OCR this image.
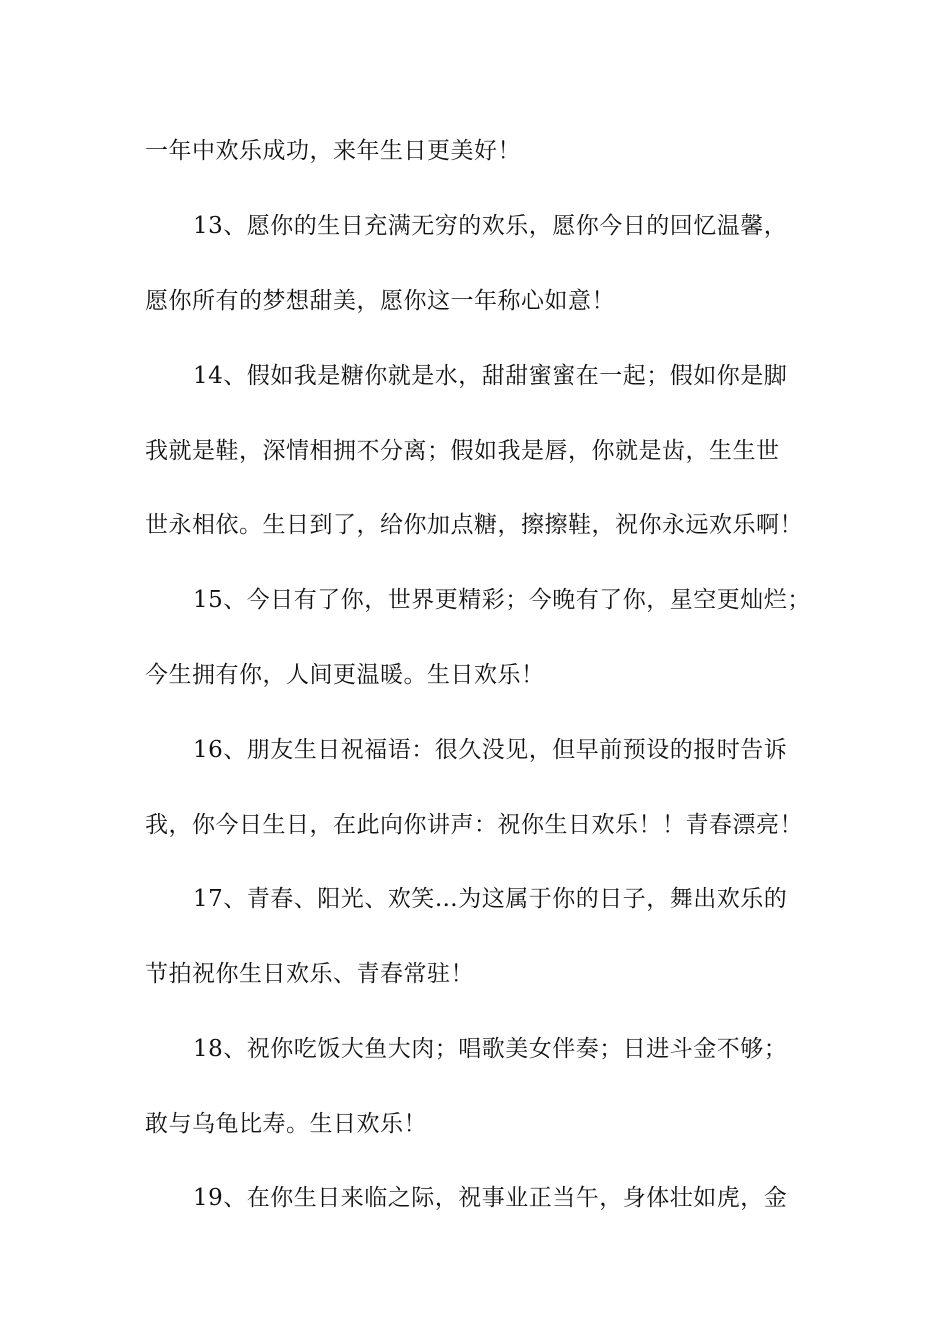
一年中欢乐成功，来年生日更美好！
13、愿你的生日充满无穷的欢乐，愿你今日的回忆温馨，
愿你所有的梦想甜美，愿你这一年称心如意！
14、假如我是糖你就是水，甜甜蜜蜜在一起；假如你是脚
我就是鞋，深情相拥不分离；假如我是唇，你就是齿，生生世
世永相依。生日到了，给你加点糖，擦擦鞋，祝你永远欢乐啊！
15、今日有了你，世界更精彩；今晚有了你，星空更灿烂；
今生拥有你，人间更温暖。生日欢乐！
16、朋友生日祝福语：很久没见，但早前预设的报时告诉
我，你今日生日，在此向你讲声：祝你生日欢乐！！青春漂亮！
17、青春、阳光、欢笑…为这属于你的日子，舞出欢乐的
节拍祝你生日欢乐、青春常驻！
18、祝你吃饭大鱼大肉；唱歌美女伴奏；日进斗金不够；
敢与乌龟比寿。生日欢乐！
19、在你生日来临之际，祝事业正当午，身体壮如虎，金
